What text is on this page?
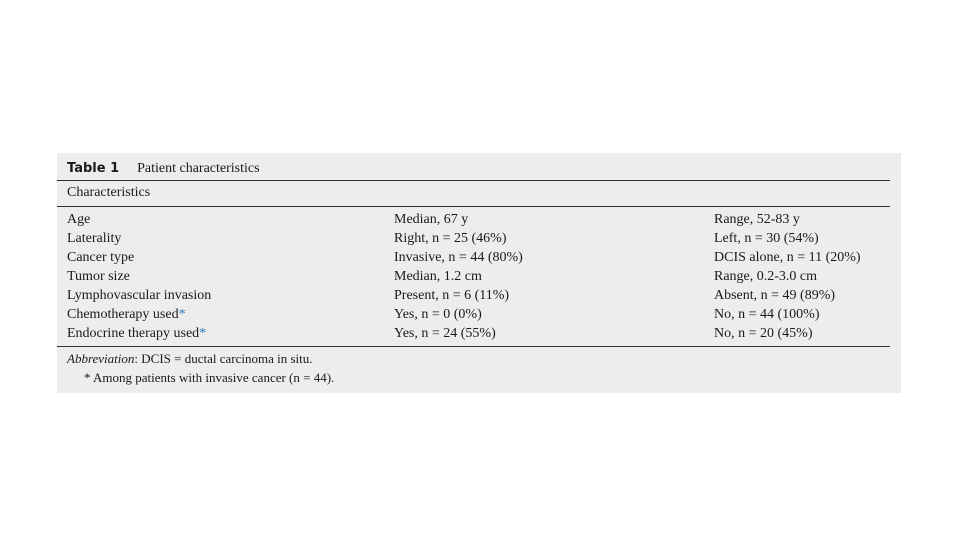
Table 1 Patient characteristics
Characteristics
Age	Median, 67 y	Range, 52-83 y
Laterality	Right, n = 25 (46%)	Left, n = 30 (54%)
Cancer type	Invasive, n = 44 (80%)	DCIS alone, n = 11 (20%)
Tumor size	Median, 1.2 cm	Range, 0.2-3.0 cm
Lymphovascular invasion	Present, n = 6 (11%)	Absent, n = 49 (89%)
Chemotherapy used*	Yes, n = 0 (0%)	No, n = 44 (100%)
Endocrine therapy used*	Yes, n = 24 (55%)	No, n = 20 (45%)
Abbreviation: DCIS = ductal carcinoma in situ.
* Among patients with invasive cancer (n = 44).
